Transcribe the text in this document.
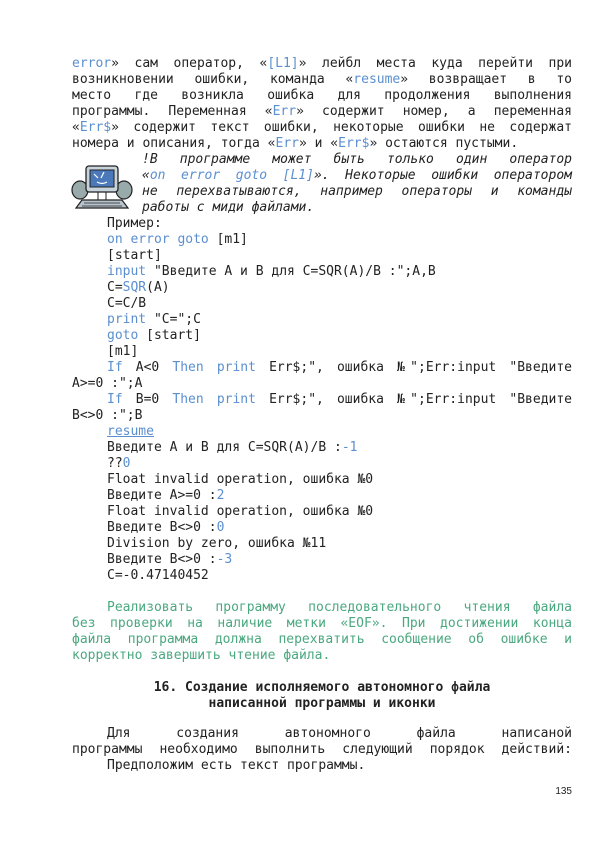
error» сам оператор, «[L1]» лейбл места куда перейти при

возникновении ошибки, команда «resume» возвращает в то

место где возникла ошибка для продолжения выполнения

программы. Переменная «Err» содержит номер, а переменная

«Err$» содержит текст ошибки, некоторые ошибки не содержат

номера и описания, тогда «Err» и «Err$» остаются пустыми.

!В программе может быть только один оператор

«on error goto [L1]». Некоторые ошибки оператором

не перехватываются, например операторы и команды

работы с миди файлами.

Пример:
on error goto [m1]
[start]
input "Введите A и B для C=SQR(A)/B :";A,B
C=SQR(A)
C=C/B
print "C=";C
goto [start]
[m1]
If A<0 Then print Err$;", ошибка №";Err:input "Введите
A>=0 :";A
If B=0 Then print Err$;", ошибка №";Err:input "Введите
B<>0 :";B
resume
Введите A и B для C=SQR(A)/B :-1
??0
Float invalid operation, ошибка №0
Введите A>=0 :2
Float invalid operation, ошибка №0
Введите B<>0 :0
Division by zero, ошибка №11
Введите B<>0 :-3
C=-0.47140452

Реализовать программу последовательного чтения файла

без проверки на наличие метки «EOF». При достижении конца

файла программа должна перехватить сообщение об ошибке и

корректно завершить чтение файла.

16. Создание исполняемого автономного файла
написанной программы и иконки

Для создания автономного файла написаной

программы необходимо выполнить следующий порядок действий:

Предположим есть текст программы.

135
